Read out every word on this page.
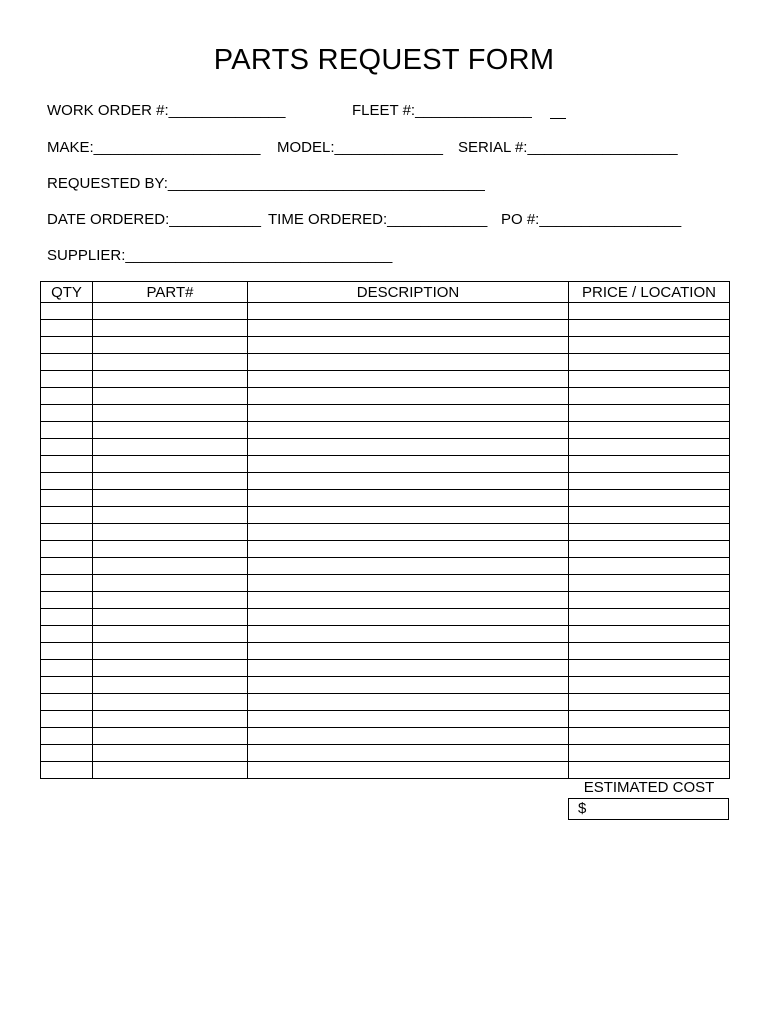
PARTS REQUEST FORM
WORK ORDER #:______________	FLEET #:______________
MAKE:____________________ MODEL:_____________ SERIAL #:__________________
REQUESTED BY:______________________________________
DATE ORDERED:___________ TIME ORDERED:____________ PO #:_________________
SUPPLIER:________________________________
QTY	PART#	DESCRIPTION	PRICE / LOCATION

ESTIMATED COST
$
